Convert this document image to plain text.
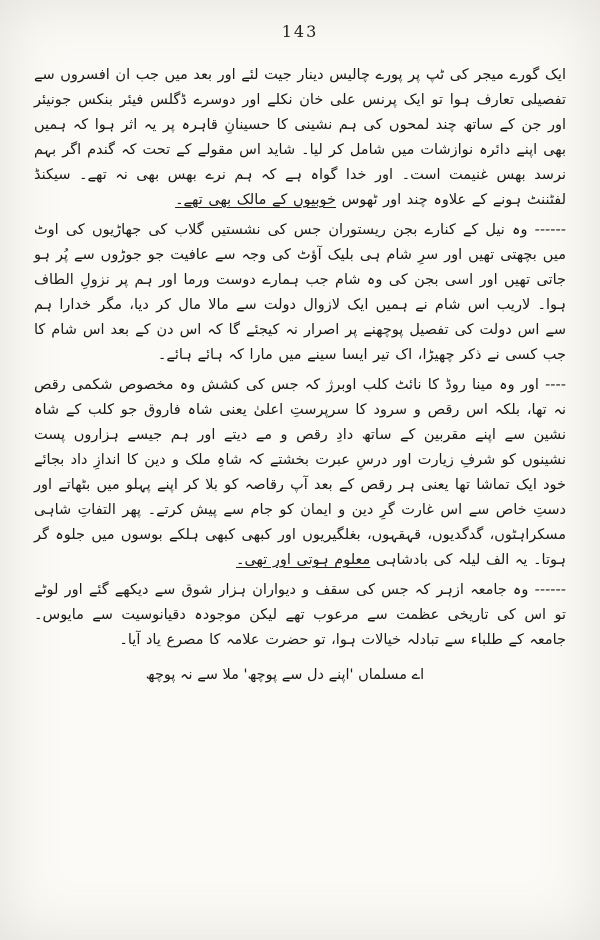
143

ایک گورے میجر کی ٹپ پر پورے چالیس دینار جیت لئے اور بعد میں جب ان افسروں سے تفصیلی تعارف ہوا تو ایک پرنس علی خان نکلے اور دوسرے ڈگلس فیئر بنکس جونیئر اور جن کے ساتھ چند لمحوں کی ہم نشینی کا حسینانِ قاہرہ پر یہ اثر ہوا کہ ہمیں بھی اپنے دائرہ نوازشات میں شامل کر لیا۔ شاید اس مقولے کے تحت کہ گندم اگر بہم نرسد بھس غنیمت است۔ اور خدا گواہ ہے کہ ہم نرے بھس بھی نہ تھے۔ سیکنڈ لفٹننٹ ہونے کے علاوہ چند اور ٹھوس خوبیوں کے مالک بھی تھے۔

------ وہ نیل کے کنارے بجن ریستوران جس کی نشستیں گلاب کی جھاڑیوں کی اوٹ میں بچھتی تھیں اور سرِ شام ہی بلیک آؤٹ کی وجہ سے عافیت جو جوڑوں سے پُر ہو جاتی تھیں اور اسی بجن کی وہ شام جب ہمارے دوست ورما اور ہم پر نزولِ الطاف ہوا۔ لاریب اس شام نے ہمیں ایک لازوال دولت سے مالا مال کر دیا، مگر خدارا ہم سے اس دولت کی تفصیل پوچھنے پر اصرار نہ کیجئے گا کہ اس دن کے بعد اس شام کا جب کسی نے ذکر چھیڑا، اک تیر ایسا سینے میں مارا کہ ہائے ہائے۔

---- اور وہ مینا روڈ کا نائٹ کلب اوبرژ کہ جس کی کشش وہ مخصوص شکمی رقص نہ تھا، بلکہ اس رقص و سرود کا سرپرستِ اعلیٰ یعنی شاہ فاروق جو کلب کے شاہ نشین سے اپنے مقربین کے ساتھ دادِ رقص و مے دیتے اور ہم جیسے ہزاروں پست نشینوں کو شرفِ زیارت اور درسِ عبرت بخشتے کہ شاہِ ملک و دین کا اندازِ داد بجائے خود ایک تماشا تھا یعنی ہر رقص کے بعد آپ رقاصہ کو بلا کر اپنے پہلو میں بٹھاتے اور دستِ خاص سے اس غارت گرِ دین و ایمان کو جام سے پیش کرتے۔ پھر التفاتِ شاہی مسکراہٹوں، گدگدیوں، قہقہوں، بغلگیریوں اور کبھی کبھی ہلکے بوسوں میں جلوہ گر ہوتا۔ یہ الف لیلہ کی بادشاہی معلوم ہوتی اور تھی۔

------ وہ جامعہ ازہر کہ جس کی سقف و دیواران ہزار شوق سے دیکھے گئے اور لوٹے تو اس کی تاریخی عظمت سے مرعوب تھے لیکن موجودہ دقیانوسیت سے مایوس۔ جامعہ کے طلباء سے تبادلہ خیالات ہوا، تو حضرت علامہ کا مصرع یاد آیا۔

اے مسلماں 'اپنے دل سے پوچھ' ملا سے نہ پوچھ
